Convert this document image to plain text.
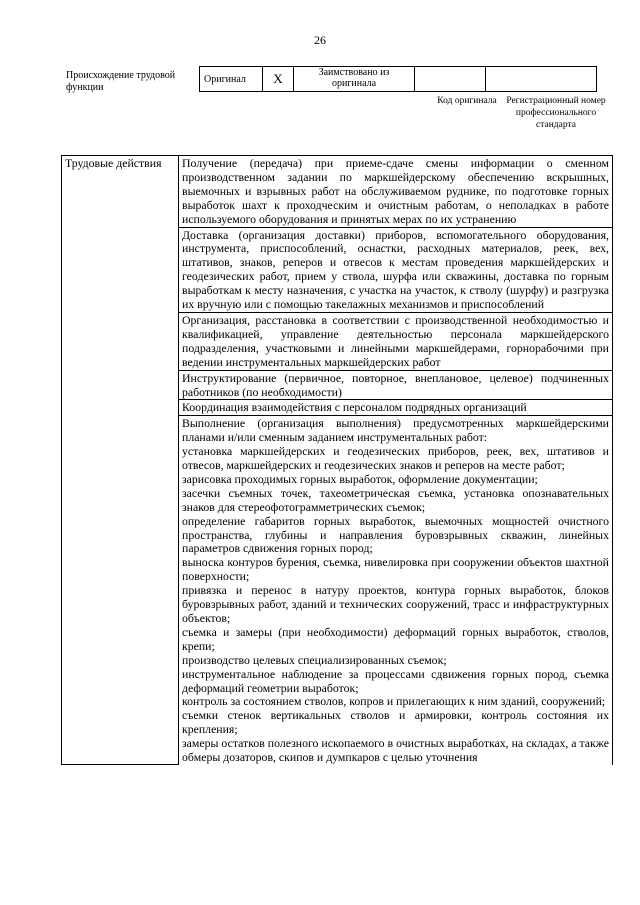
26
Происхождение трудовой функции
Оригинал	X	Заимствовано из оригинала		
Код оригинала	Регистрационный номер профессионального стандарта
Трудовые действия	Получение (передача) при приеме-сдаче смены информации о сменном производственном задании по маркшейдерскому обеспечению вскрышных, выемочных и взрывных работ на обслуживаемом руднике, по подготовке горных выработок шахт к проходческим и очистным работам, о неполадках в работе используемого оборудования и принятых мерах по их устранению
Доставка (организация доставки) приборов, вспомогательного оборудования, инструмента, приспособлений, оснастки, расходных материалов, реек, вех, штативов, знаков, реперов и отвесов к местам проведения маркшейдерских и геодезических работ, прием у ствола, шурфа или скважины, доставка по горным выработкам к месту назначения, с участка на участок, к стволу (шурфу) и разгрузка их вручную или с помощью такелажных механизмов и приспособлений
Организация, расстановка в соответствии с производственной необходимостью и квалификацией, управление деятельностью персонала маркшейдерского подразделения, участковыми и линейными маркшейдерами, горнорабочими при ведении инструментальных маркшейдерских работ
Инструктирование (первичное, повторное, внеплановое, целевое) подчиненных работников (по необходимости)
Координация взаимодействия с персоналом подрядных организаций

Выполнение (организация выполнения) предусмотренных маркшейдерскими планами и/или сменным заданием инструментальных работ:
установка маркшейдерских и геодезических приборов, реек, вех, штативов и отвесов, маркшейдерских и геодезических знаков и реперов на месте работ;
зарисовка проходимых горных выработок, оформление документации;
засечки съемных точек, тахеометрическая съемка, установка опознавательных знаков для стереофотограмметрических съемок;
определение габаритов горных выработок, выемочных мощностей очистного пространства, глубины и направления буровзрывных скважин, линейных параметров сдвижения горных пород;
выноска контуров бурения, съемка, нивелировка при сооружении объектов шахтной поверхности;
привязка и перенос в натуру проектов, контура горных выработок, блоков буровзрывных работ, зданий и технических сооружений, трасс и инфраструктурных объектов;
съемка и замеры (при необходимости) деформаций горных выработок, стволов, крепи;
производство целевых специализированных съемок;
инструментальное наблюдение за процессами сдвижения горных пород, съемка деформаций геометрии выработок;
контроль за состоянием стволов, копров и прилегающих к ним зданий, сооружений;
съемки стенок вертикальных стволов и армировки, контроль состояния их крепления;
замеры остатков полезного ископаемого в очистных выработках, на складах, а также обмеры дозаторов, скипов и думпкаров с целью уточнения
